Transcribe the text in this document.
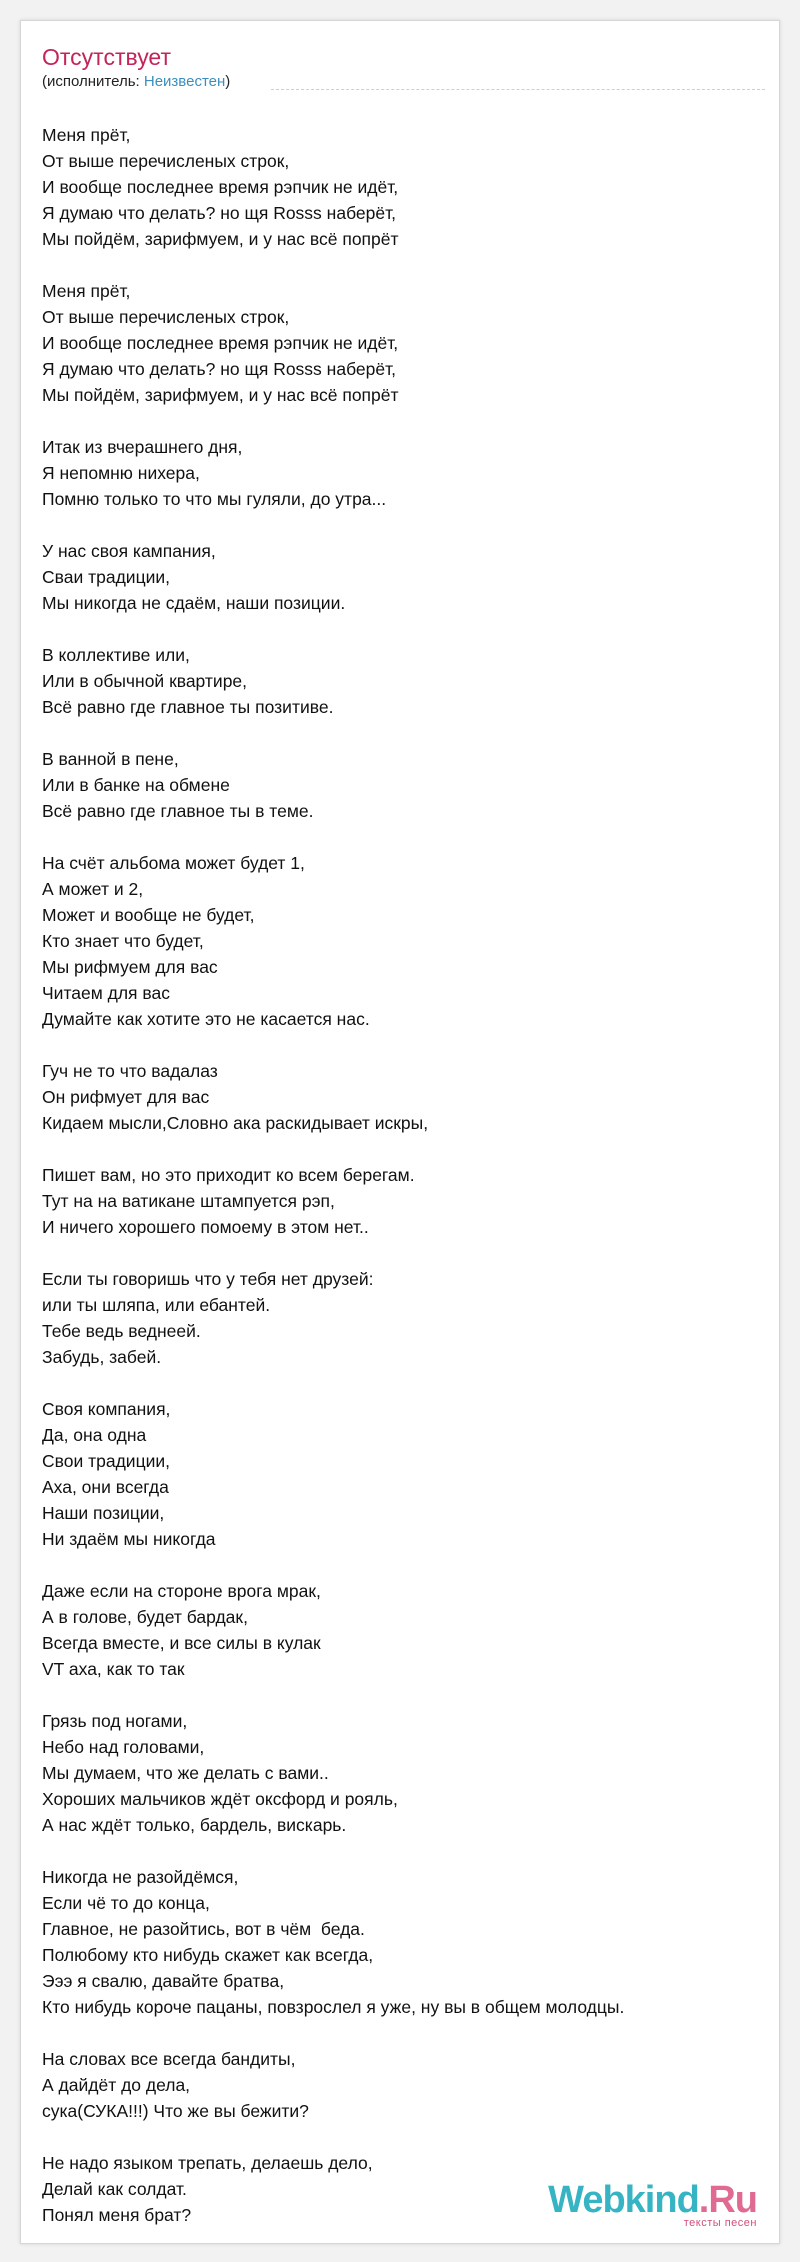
Отсутствует
(исполнитель: Неизвестен)
Меня прёт,
От выше перечисленых строк,
И вообще последнее время рэпчик не идёт,
Я думаю что делать? но щя Rosss наберёт,
Мы пойдём, зарифмуем, и у нас всё попрёт
Меня прёт,
От выше перечисленых строк,
И вообще последнее время рэпчик не идёт,
Я думаю что делать? но щя Rosss наберёт,
Мы пойдём, зарифмуем, и у нас всё попрёт
Итак из вчерашнего дня,
Я непомню нихера,
Помню только то что мы гуляли, до утра...
У нас своя кампания,
Сваи традиции,
Мы никогда не сдаём, наши позиции.
В коллективе или,
Или в обычной квартире,
Всё равно где главное ты позитиве.
В ванной в пене,
Или в банке на обмене
Всё равно где главное ты в теме.
На счёт альбома может будет 1,
А может и 2,
Может и вообще не будет,
Кто знает что будет,
Мы рифмуем для вас
Читаем для вас
Думайте как хотите это не касается нас.
Гуч не то что вадалаз
Он рифмует для вас
Кидаем мысли,Словно ака раскидывает искры,
Пишет вам, но это приходит ко всем берегам.
Тут на на ватикане штампуется рэп,
И ничего хорошего помоему в этом нет..
Если ты говоришь что у тебя нет друзей:
или ты шляпа, или ебантей.
Тебе ведь веднеей.
Забудь, забей.
Своя компания,
Да, она одна
Свои традиции,
Аха, они всегда
Наши позиции,
Ни здаём мы никогда
Даже если на стороне врога мрак,
А в голове, будет бардак,
Всегда вместе, и все силы в кулак
VT аха, как то так
Грязь под ногами,
Небо над головами,
Мы думаем, что же делать с вами..
Хороших мальчиков ждёт оксфорд и рояль,
А нас ждёт только, бардель, вискарь.
Никогда не разойдёмся,
Если чё то до конца,
Главное, не разойтись, вот в чём  беда.
Полюбому кто нибудь скажет как всегда,
Эээ я свалю, давайте братва,
Кто нибудь короче пацаны, повзрослел я уже, ну вы в общем молодцы.
На словах все всегда бандиты,
А дайдёт до дела,
сука(СУКА!!!) Что же вы бежити?
Не надо языком трепать, делаешь дело,
Делай как солдат.
Понял меня брат?	Webkind.Ru
тексты песен
